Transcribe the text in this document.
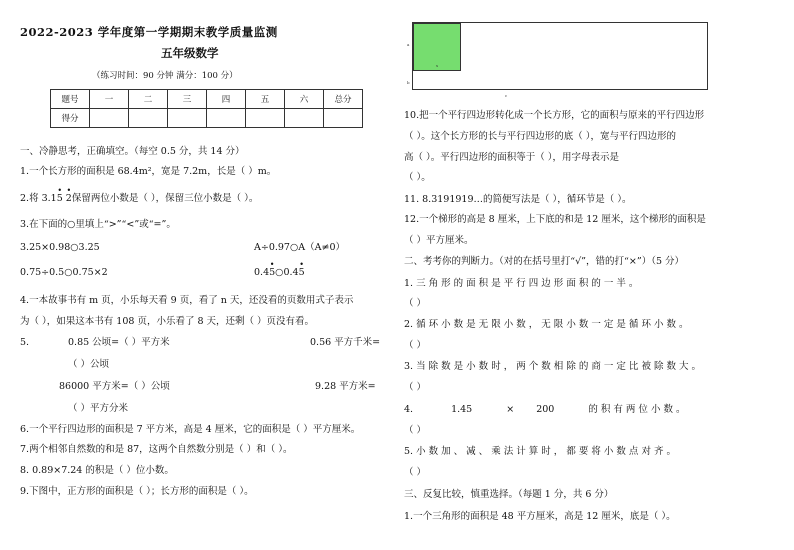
2022-2023 学年度第一学期期末教学质量监测
五年级数学
（练习时间：90 分钟 满分：100 分）
题号	一	二	三	四	五	六	总分
得分							
一、冷静思考，正确填空。（每空 0.5 分，共 14 分）
1.一个长方形的面积是 68.4m²，宽是 7.2m，长是（ ）m。
2.将 3.1
•
5
•
2保留两位小数是（ ），保留三位小数是（ ）。
3.在下面的○里填上“>”“<”或“=”。
3.25×0.98○3.25	A÷0.97○A（A≠0）
0.75÷0.5○0.75×2	0.4
•
5○0.4
•
5
4.一本故事书有 m 页，小乐每天看 9 页，看了 n 天，还没看的页数用式子表示
为（ ），如果这本书有 108 页，小乐看了 8 天，还剩（ ）页没有看。
5.	0.85 公顷=（ ）平方米	0.56 平方千米=
（ ）公顷
86000 平方米=（ ）公顷	9.28 平方米=
（ ）平方分米
6.一个平行四边形的面积是 7 平方米，高是 4 厘米，它的面积是（ ）平方厘米。
7.两个相邻自然数的和是 87，这两个自然数分别是（ ）和（ ）。
8. 0.89×7.24 的积是（ ）位小数。
9.下图中，正方形的面积是（ ）；长方形的面积是（ ）。
s
a
b
c
10.把一个平行四边形转化成一个长方形，它的面积与原来的平行四边形
（ ）。这个长方形的长与平行四边形的底（ ），宽与平行四边形的
高（ ）。平行四边形的面积等于（ ），用字母表示是
（ ）。
11. 8.3191919…的简便写法是（ ），循环节是（ ）。
12.一个梯形的高是 8 厘米，上下底的和是 12 厘米，这个梯形的面积是
（ ）平方厘米。
二、考考你的判断力。（对的在括号里打“√”，错的打“×”）（5 分）
1. 三 角 形 的 面 积 是 平 行 四 边 形 面 积 的 一 半 。
（ ）
2. 循 环 小 数 是 无 限 小 数 ， 无 限 小 数 一 定 是 循 环 小 数 。
（ ）
3. 当 除 数 是 小 数 时 ， 两 个 数 相 除 的 商 一 定 比 被 除 数 大 。
（ ）
4.	1.45	× 200	的 积 有 两 位 小 数 。
（ ）
5. 小 数 加 、 减 、 乘 法 计 算 时 ， 都 要 将 小 数 点 对 齐 。
（ ）
三、反复比较，慎重选择。（每题 1 分，共 6 分）
1.一个三角形的面积是 48 平方厘米，高是 12 厘米，底是（ ）。
